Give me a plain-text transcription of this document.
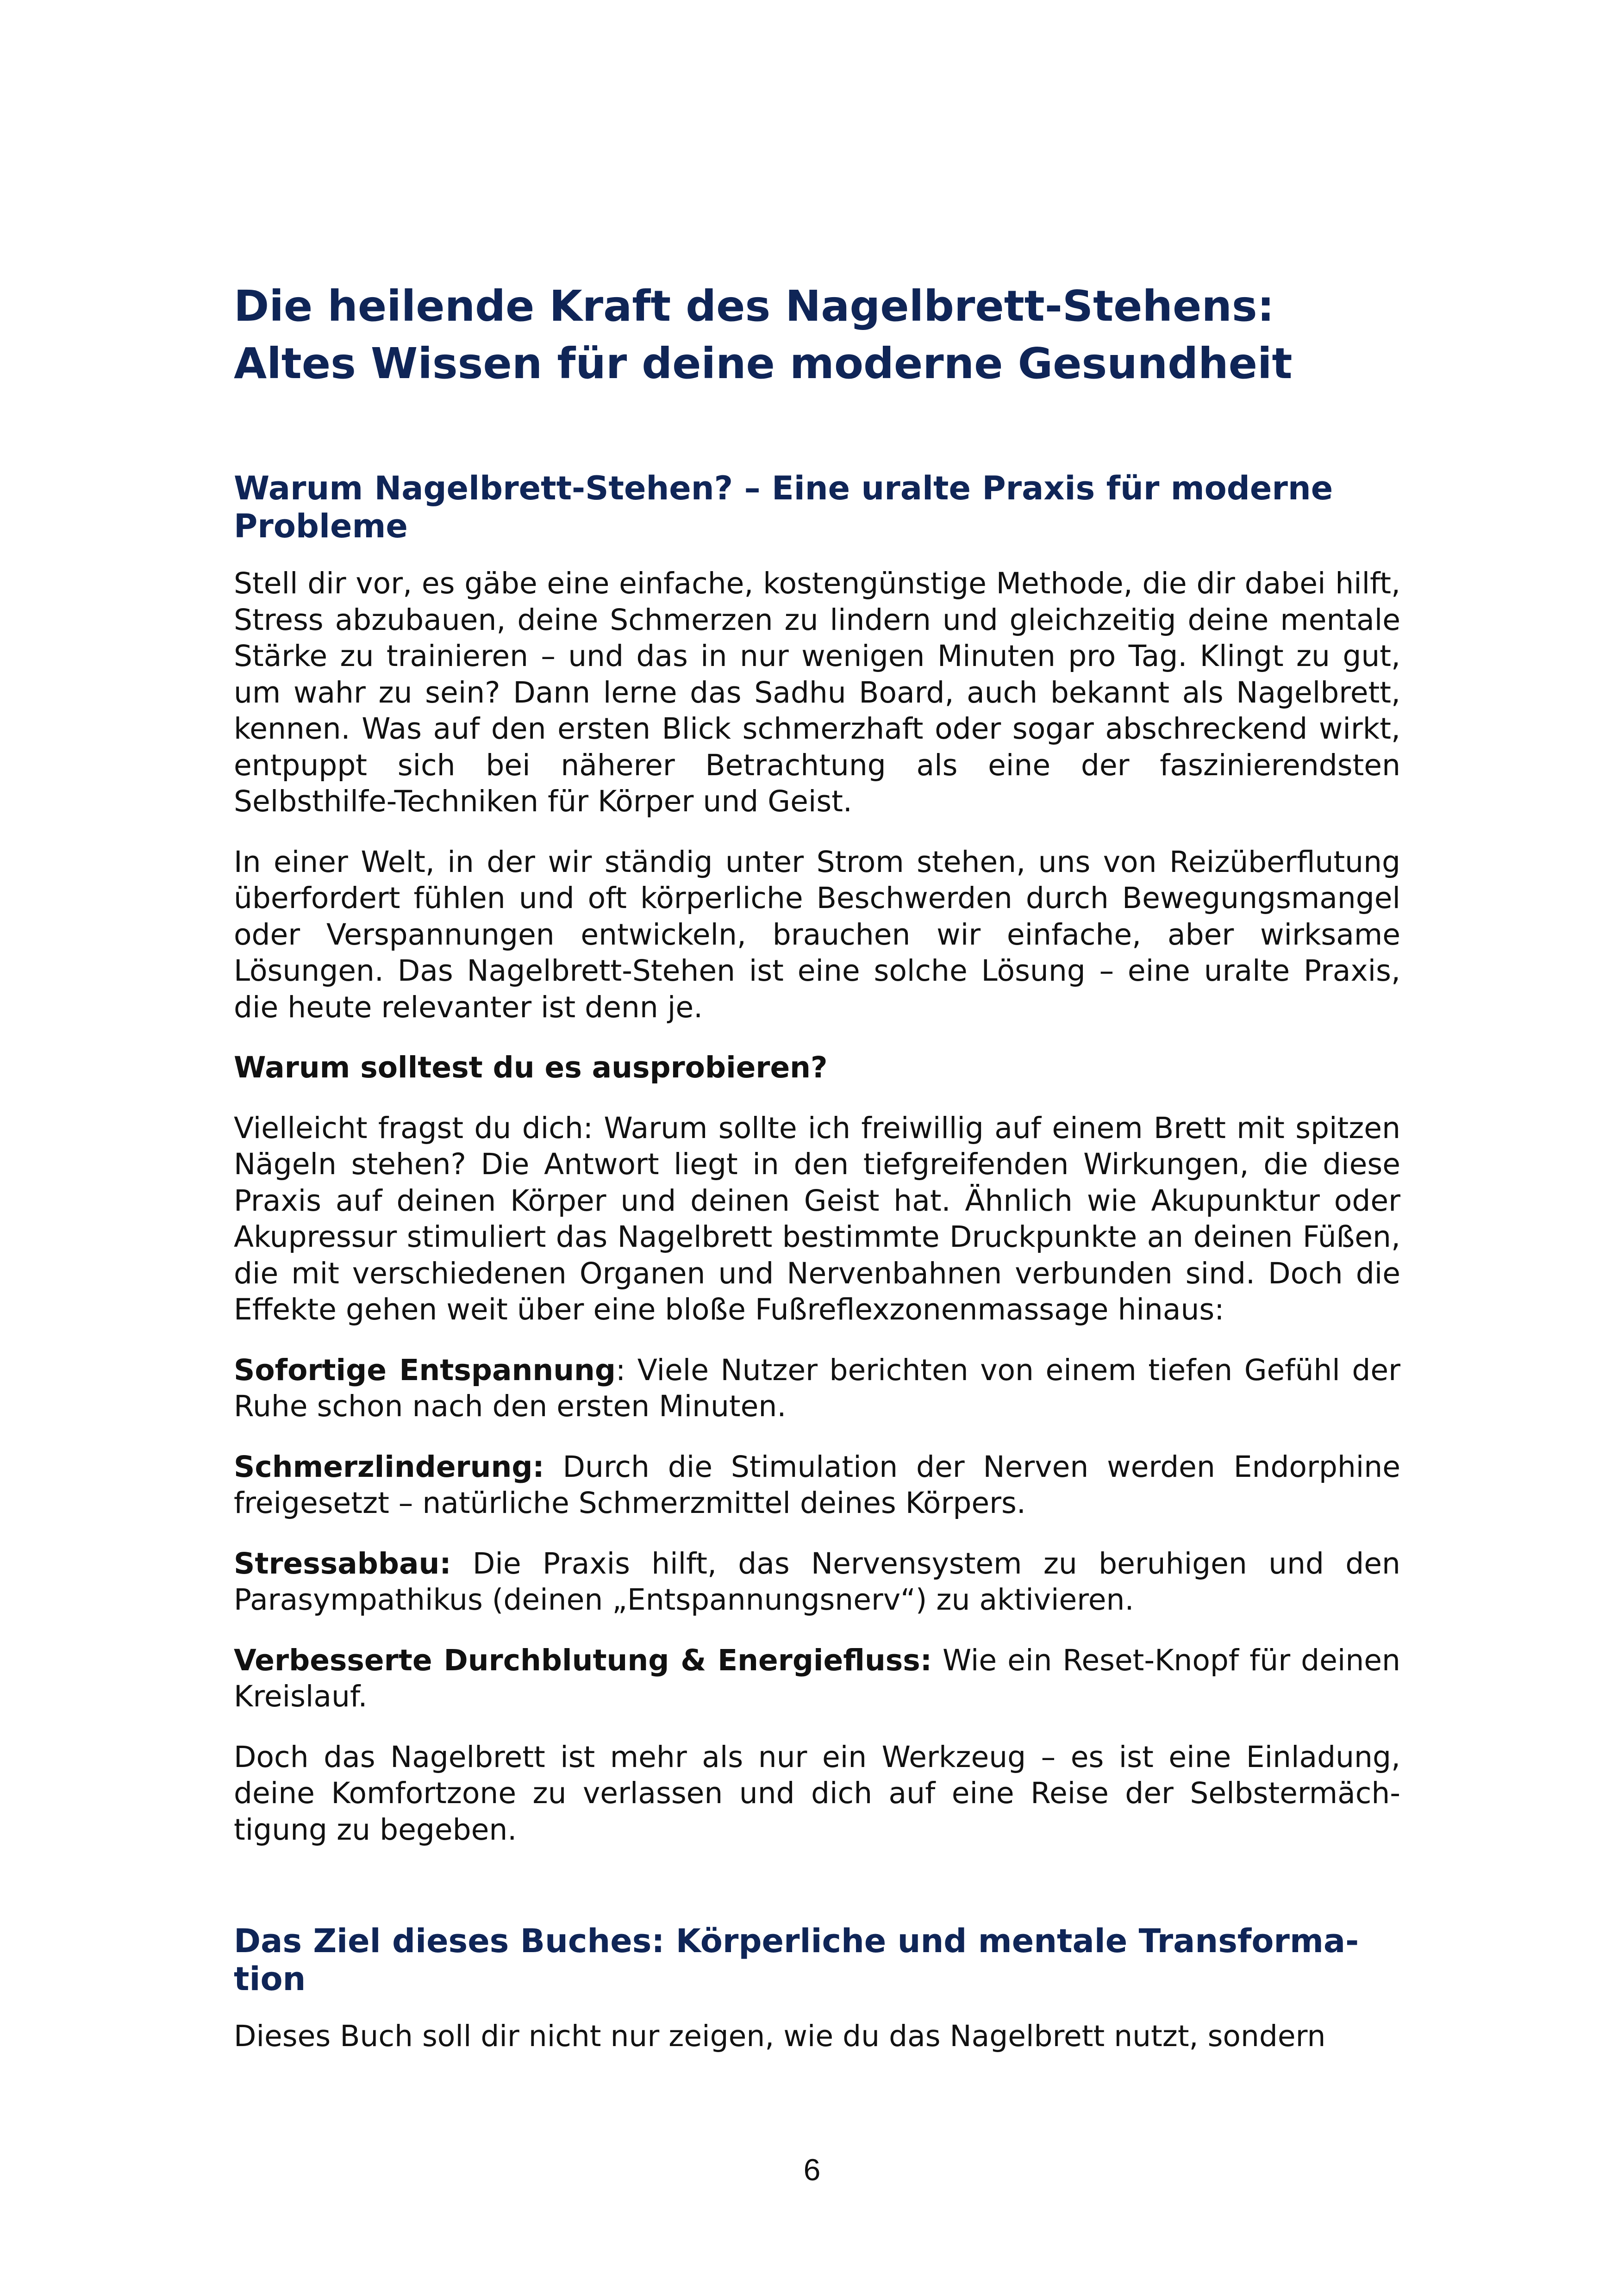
Die heilende Kraft des Nagelbrett-Stehens:
Altes Wissen für deine moderne Gesundheit
Warum Nagelbrett-Stehen? – Eine uralte Praxis für moderne
Probleme

Stell dir vor, es gäbe eine einfache, kostengünstige Methode, die dir dabei hilft, Stress abzubauen, deine Schmerzen zu lindern und gleichzeitig deine mentale Stärke zu trainieren – und das in nur wenigen Minuten pro Tag. Klingt zu gut, um wahr zu sein? Dann lerne das Sadhu Board, auch bekannt als Nagelbrett, kennen. Was auf den ersten Blick schmerzhaft oder sogar abschreckend wirkt, entpuppt sich bei näherer Betrachtung als eine der faszinierendsten Selbsthilfe-Techniken für Körper und Geist.

In einer Welt, in der wir ständig unter Strom stehen, uns von Reizüberflutung überfordert fühlen und oft körperliche Beschwerden durch Bewegungsmangel oder Verspannungen entwickeln, brauchen wir einfache, aber wirksame Lösungen. Das Nagelbrett-Stehen ist eine solche Lösung – eine uralte Praxis, die heute relevanter ist denn je.

Warum solltest du es ausprobieren?

Vielleicht fragst du dich: Warum sollte ich freiwillig auf einem Brett mit spitzen Nägeln stehen? Die Antwort liegt in den tiefgreifenden Wirkungen, die diese Praxis auf deinen Körper und deinen Geist hat. Ähnlich wie Akupunktur oder Akupressur stimuliert das Nagelbrett bestimmte Druckpunkte an deinen Füßen, die mit verschiedenen Organen und Nervenbahnen verbunden sind. Doch die Effekte gehen weit über eine bloße Fußreflexzonenmassage hinaus:

Sofortige Entspannung: Viele Nutzer berichten von einem tiefen Gefühl der Ruhe schon nach den ersten Minuten.

Schmerzlinderung: Durch die Stimulation der Nerven werden Endorphine freigesetzt – natürliche Schmerzmittel deines Körpers.

Stressabbau: Die Praxis hilft, das Nervensystem zu beruhigen und den Parasympathikus (deinen „Entspannungsnerv“) zu aktivieren.

Verbesserte Durchblutung & Energiefluss: Wie ein Reset-Knopf für deinen Kreislauf.

Doch das Nagelbrett ist mehr als nur ein Werkzeug – es ist eine Einladung, deine Komfortzone zu verlassen und dich auf eine Reise der Selbstermächtigung zu begeben.

Das Ziel dieses Buches: Körperliche und mentale Transforma-
tion

Dieses Buch soll dir nicht nur zeigen, wie du das Nagelbrett nutzt, sondern

6
